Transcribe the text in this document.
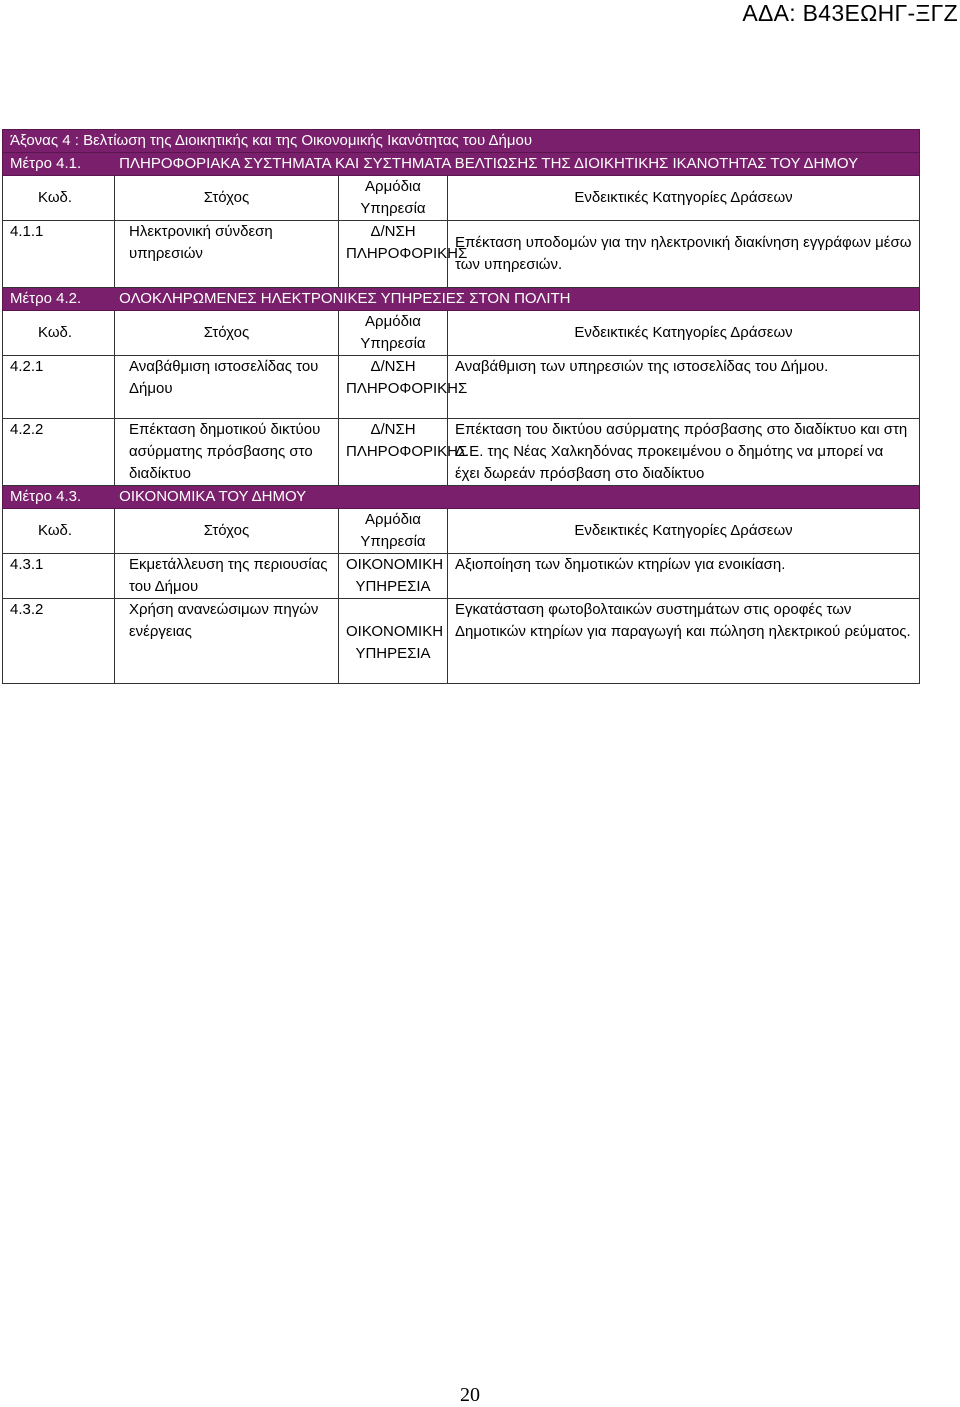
ΑΔΑ: Β43ΕΩΗΓ-ΞΓΖ
Άξονας 4 : Βελτίωση της Διοικητικής και της Οικονομικής Ικανότητας του Δήμου			
Μέτρο 4.1. ΠΛΗΡΟΦΟΡΙΑΚΑ ΣΥΣΤΗΜΑΤΑ ΚΑΙ ΣΥΣΤΗΜΑΤΑ ΒΕΛΤΙΩΣΗΣ ΤΗΣ ΔΙΟΙΚΗΤΙΚΗΣ ΙΚΑΝΟΤΗΤΑΣ ΤΟΥ ΔΗΜΟΥ			
Κωδ.	Στόχος	Αρμόδια Υπηρεσία	Ενδεικτικές Κατηγορίες Δράσεων
4.1.1	Ηλεκτρονική σύνδεση υπηρεσιών	Δ/ΝΣΗ ΠΛΗΡΟΦΟΡΙΚΗΣ	Επέκταση υποδομών για την ηλεκτρονική διακίνηση εγγράφων μέσω των υπηρεσιών.
Μέτρο 4.2. ΟΛΟΚΛΗΡΩΜΕΝΕΣ ΗΛΕΚΤΡΟΝΙΚΕΣ ΥΠΗΡΕΣΙΕΣ ΣΤΟΝ ΠΟΛΙΤΗ			
Κωδ.	Στόχος	Αρμόδια Υπηρεσία	Ενδεικτικές Κατηγορίες Δράσεων
4.2.1	Αναβάθμιση ιστοσελίδας του Δήμου	Δ/ΝΣΗ ΠΛΗΡΟΦΟΡΙΚΗΣ	Αναβάθμιση των υπηρεσιών της ιστοσελίδας του Δήμου.
4.2.2	Επέκταση δημοτικού δικτύου ασύρματης πρόσβασης στο διαδίκτυο	Δ/ΝΣΗ ΠΛΗΡΟΦΟΡΙΚΗΣ	Επέκταση του δικτύου ασύρματης πρόσβασης στο διαδίκτυο και στη Δ.Ε. της Νέας Χαλκηδόνας προκειμένου ο δημότης να μπορεί να έχει δωρεάν πρόσβαση στο διαδίκτυο
Μέτρο 4.3. ΟΙΚΟΝΟΜΙΚΑ ΤΟΥ ΔΗΜΟΥ			
Κωδ.	Στόχος	Αρμόδια Υπηρεσία	Ενδεικτικές Κατηγορίες Δράσεων
4.3.1	Εκμετάλλευση της περιουσίας του Δήμου	ΟΙΚΟΝΟΜΙΚΗ ΥΠΗΡΕΣΙΑ	Αξιοποίηση των δημοτικών κτηρίων για ενοικίαση.
4.3.2	Χρήση ανανεώσιμων πηγών ενέργειας	ΟΙΚΟΝΟΜΙΚΗ ΥΠΗΡΕΣΙΑ	Εγκατάσταση φωτοβολταικών συστημάτων στις οροφές των Δημοτικών κτηρίων για παραγωγή και πώληση ηλεκτρικού ρεύματος.
20
